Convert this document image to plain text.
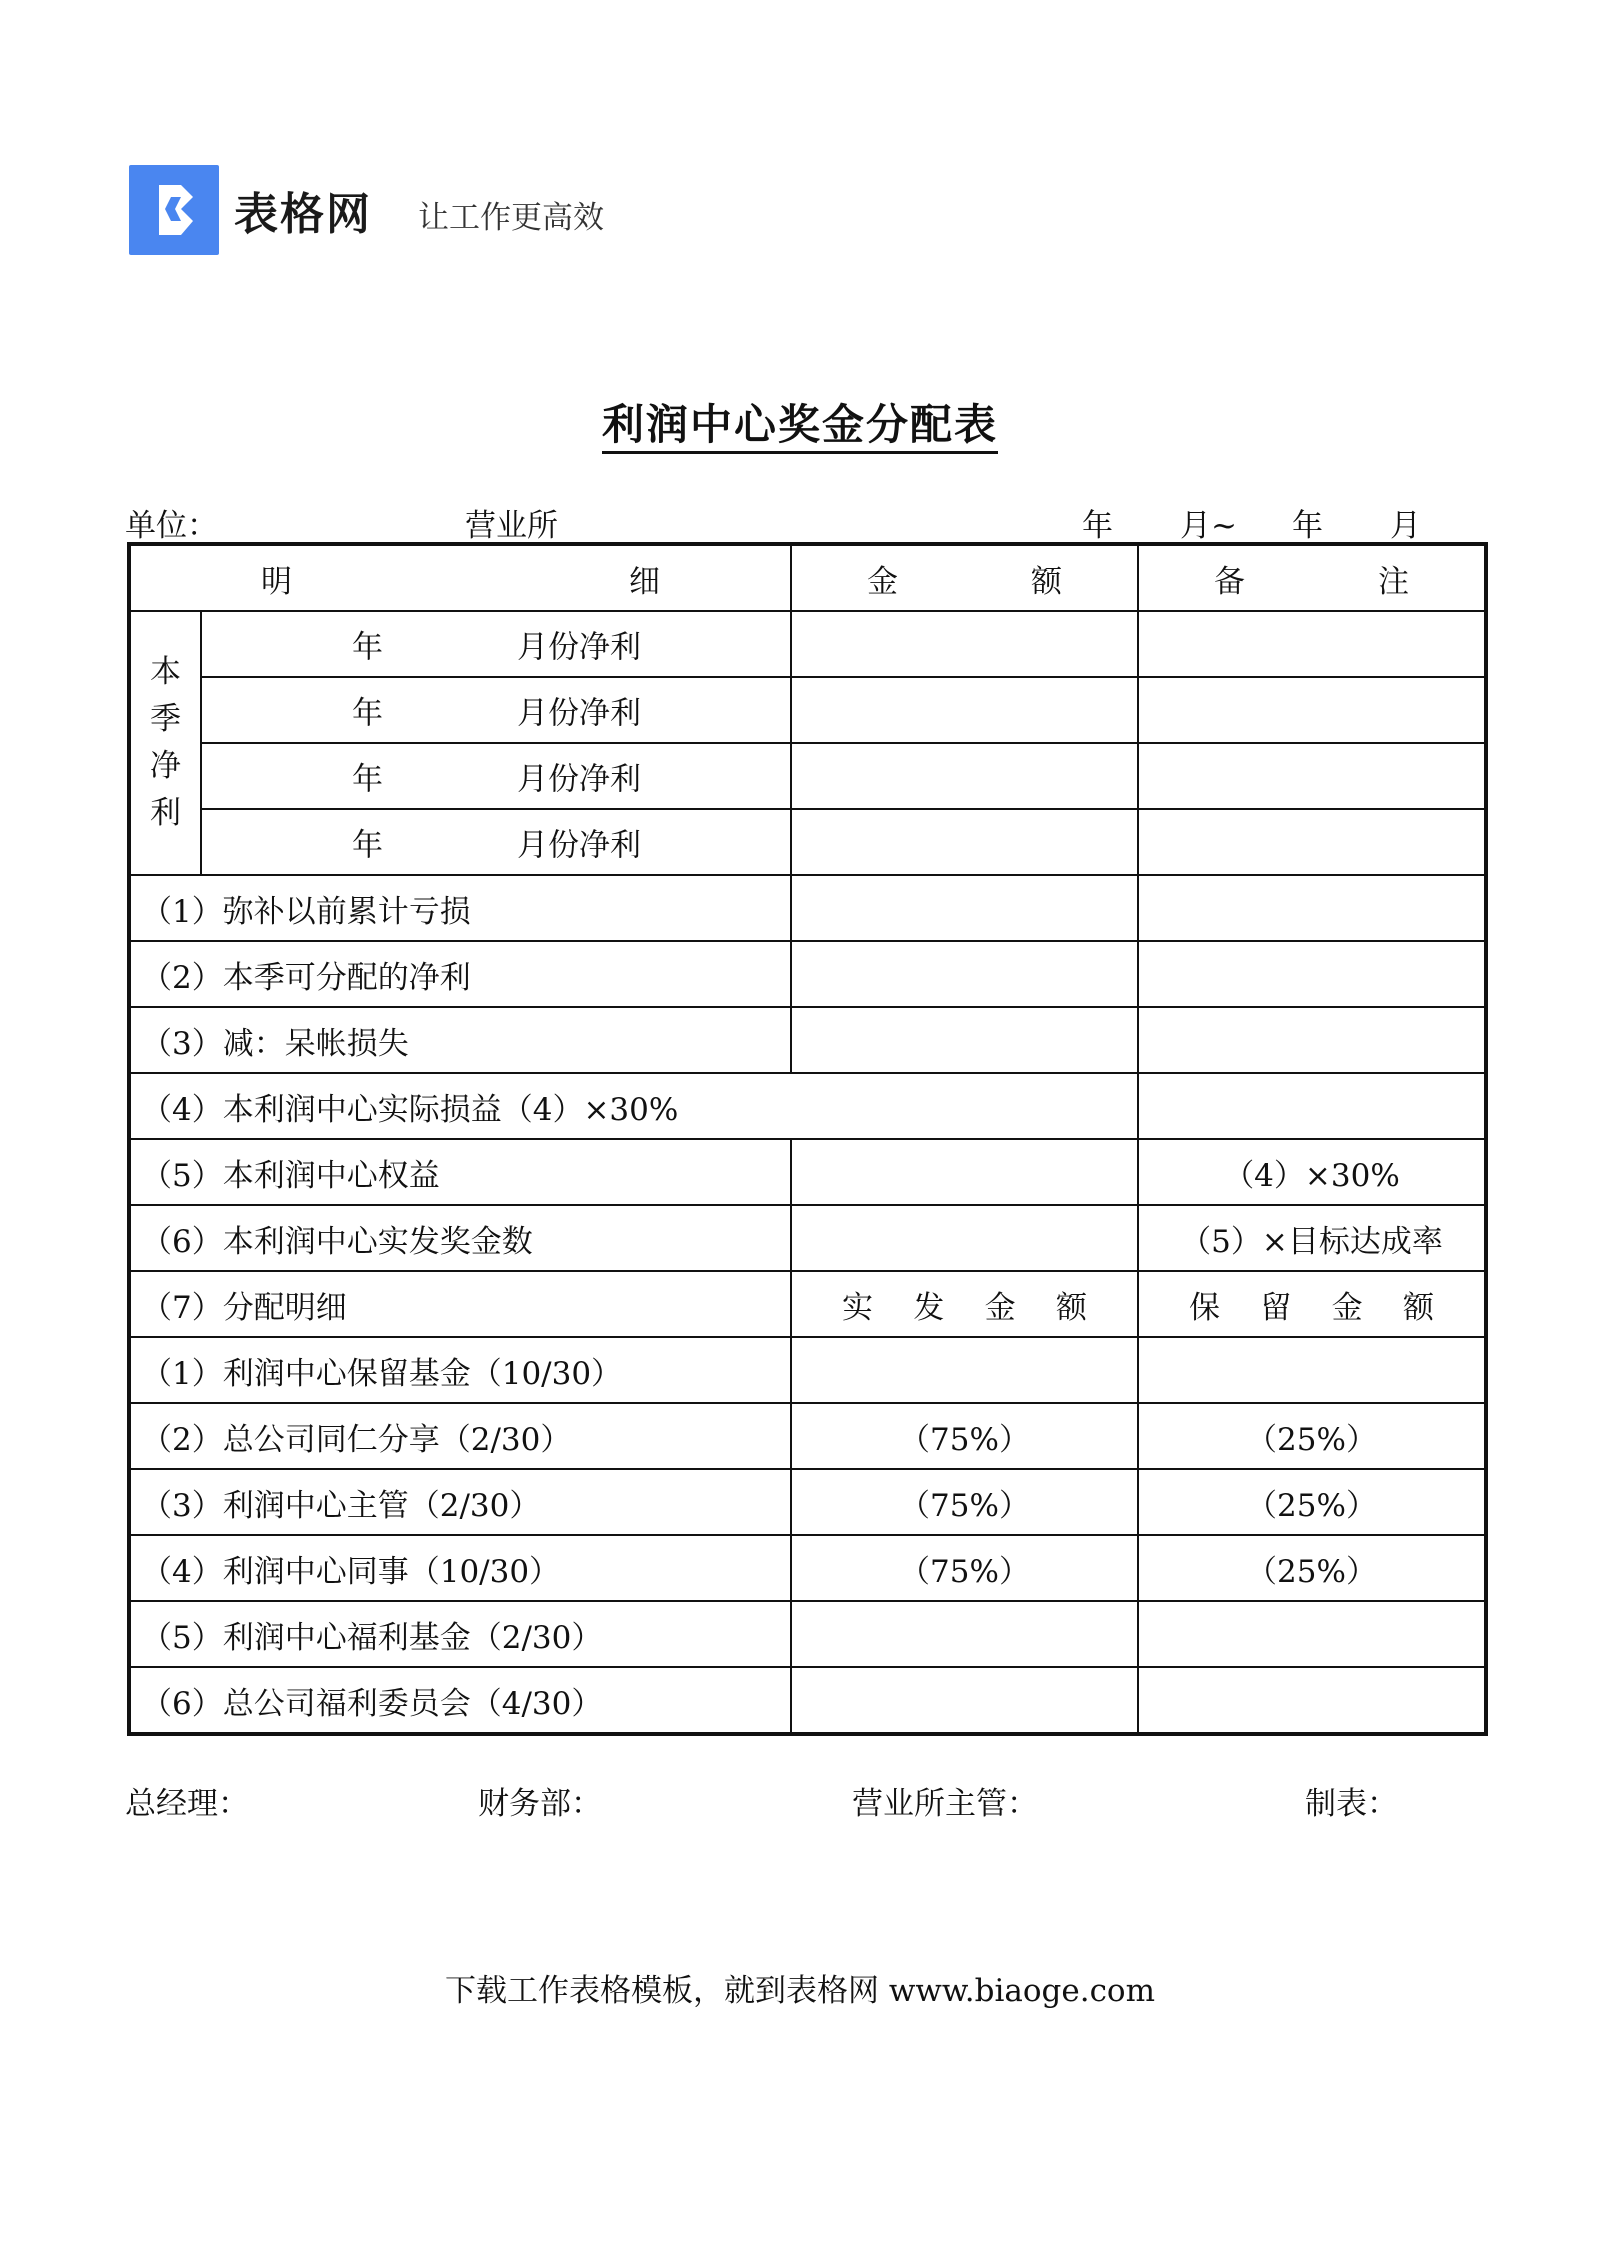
表格网 让工作更高效
利润中心奖金分配表
单位：	营业所	年 月~ 年 月
明 细		金 额	备 注

本
季
净
利	年 月份净利		

	年 月份净利		

	年 月份净利		

	年 月份净利		

（1）弥补以前累计亏损			
（2）本季可分配的净利			
（3）减：呆帐损失			
（4）本利润中心实际损益（4）×30%			
（5）本利润中心权益			（4）×30%
（6）本利润中心实发奖金数			（5）×目标达成率
（7）分配明细		实 发 金 额	保 留 金 额

（1）利润中心保留基金（10/30）			
（2）总公司同仁分享（2/30）		（75%）	（25%）
（3）利润中心主管（2/30）		（75%）	（25%）
（4）利润中心同事（10/30）		（75%）	（25%）
（5）利润中心福利基金（2/30）			
（6）总公司福利委员会（4/30）			
总经理：	财务部：	营业所主管：	制表：
下载工作表格模板，就到表格网 www.biaoge.com
